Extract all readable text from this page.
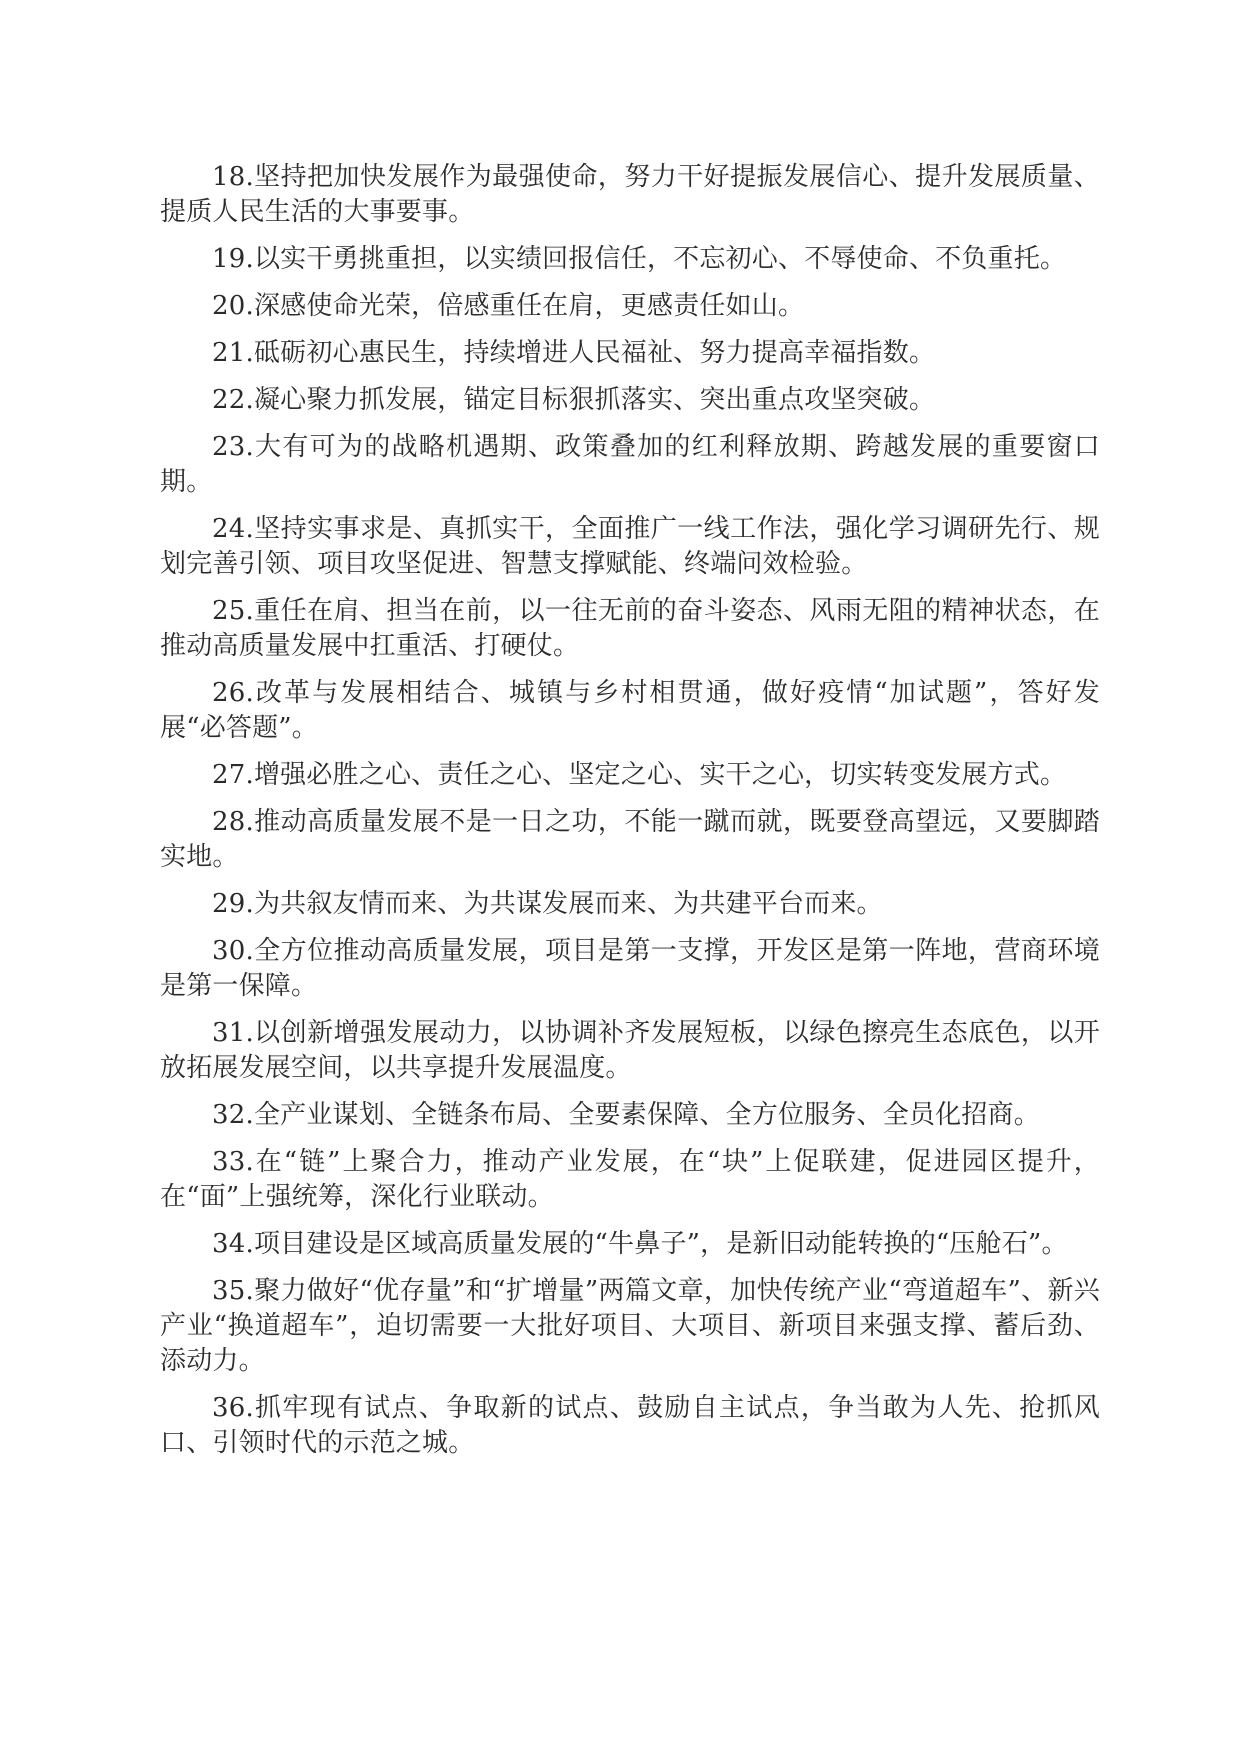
18.坚持把加快发展作为最强使命，努力干好提振发展信心、提升发展质量、提质人民生活的大事要事。

19.以实干勇挑重担，以实绩回报信任，不忘初心、不辱使命、不负重托。

20.深感使命光荣，倍感重任在肩，更感责任如山。

21.砥砺初心惠民生，持续增进人民福祉、努力提高幸福指数。

22.凝心聚力抓发展，锚定目标狠抓落实、突出重点攻坚突破。

23.大有可为的战略机遇期、政策叠加的红利释放期、跨越发展的重要窗口期。

24.坚持实事求是、真抓实干，全面推广一线工作法，强化学习调研先行、规划完善引领、项目攻坚促进、智慧支撑赋能、终端问效检验。

25.重任在肩、担当在前，以一往无前的奋斗姿态、风雨无阻的精神状态，在推动高质量发展中扛重活、打硬仗。

26.改革与发展相结合、城镇与乡村相贯通，做好疫情“加试题”，答好发展“必答题”。

27.增强必胜之心、责任之心、坚定之心、实干之心，切实转变发展方式。

28.推动高质量发展不是一日之功，不能一蹴而就，既要登高望远，又要脚踏实地。

29.为共叙友情而来、为共谋发展而来、为共建平台而来。

30.全方位推动高质量发展，项目是第一支撑，开发区是第一阵地，营商环境是第一保障。

31.以创新增强发展动力，以协调补齐发展短板，以绿色擦亮生态底色，以开放拓展发展空间，以共享提升发展温度。

32.全产业谋划、全链条布局、全要素保障、全方位服务、全员化招商。

33.在“链”上聚合力，推动产业发展，在“块”上促联建，促进园区提升，在“面”上强统筹，深化行业联动。

34.项目建设是区域高质量发展的“牛鼻子”，是新旧动能转换的“压舱石”。

35.聚力做好“优存量”和“扩增量”两篇文章，加快传统产业“弯道超车”、新兴产业“换道超车”，迫切需要一大批好项目、大项目、新项目来强支撑、蓄后劲、添动力。

36.抓牢现有试点、争取新的试点、鼓励自主试点，争当敢为人先、抢抓风口、引领时代的示范之城。
